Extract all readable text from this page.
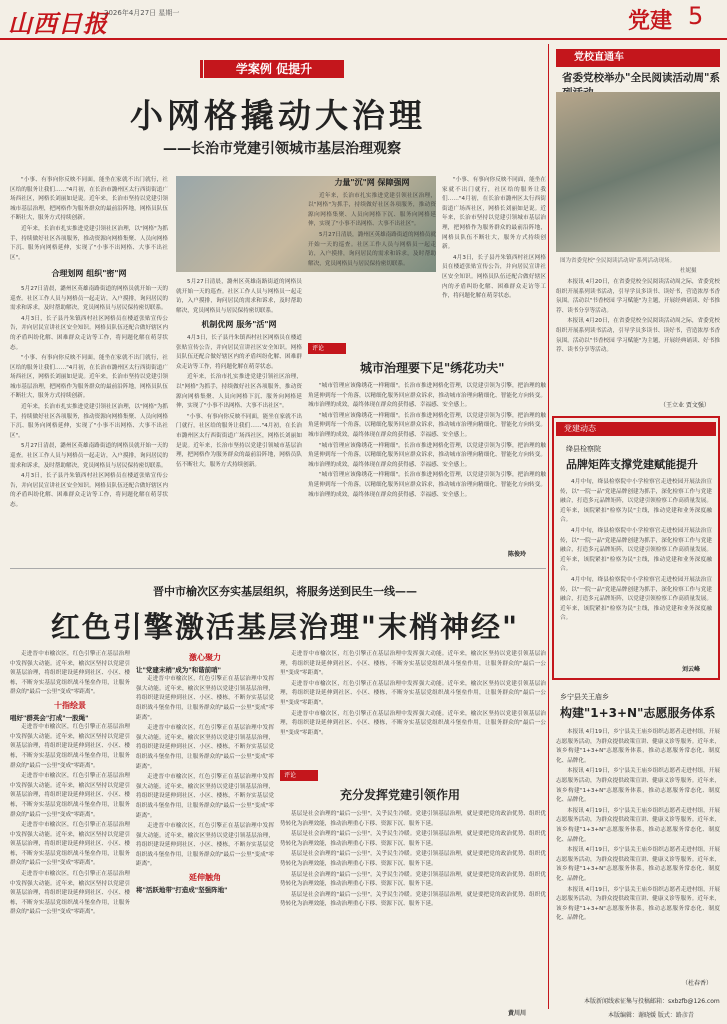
山西日报
2026年4月27日 星期一	党建 5
学案例 促提升
小网格撬动大治理
——长治市党建引领城市基层治理观察

"小事、有事向你反映不同面，能坐在家就不出门就行，社区给的服务让我们……"4月初，在长治市潞州区太行西街街道广场西社区，网格长刘丽如是说。近年来，长治市坚持以党建引领城市基层治理，把网格作为服务群众的最前沿阵地，网格员队伍不断壮大，服务方式持续创新。

近年来，长治市扎实推进党建引领社区治理，以"网格"为抓手，持续做好社区各项服务，推动资源向网格集聚、人员向网格下沉、服务向网格延伸，实现了"小事不出网格、大事不出社区"。

合理划网 组织"密"网

5月27日清晨，潞州区英雄南路街道的网格员就开始一天的巡查。社区工作人员与网格员一起走访，入户摸排，询问居民的需求和诉求，及时帮助解决，党员网格员与居民保持密切联系。

4月3日，长子县丹朱镇西村社区网格员在楼道张贴宣传公告，并向居民宣讲社区安全知识。网格员队伍还配合做好辖区内的矛盾纠纷化解、困难群众走访等工作，将问题化解在萌芽状态。

"小事、有事向你反映不同面，能坐在家就不出门就行，社区给的服务让我们……"4月初，在长治市潞州区太行西街街道广场西社区，网格长刘丽如是说。近年来，长治市坚持以党建引领城市基层治理，把网格作为服务群众的最前沿阵地，网格员队伍不断壮大，服务方式持续创新。

近年来，长治市扎实推进党建引领社区治理，以"网格"为抓手，持续做好社区各项服务，推动资源向网格集聚、人员向网格下沉、服务向网格延伸，实现了"小事不出网格、大事不出社区"。

5月27日清晨，潞州区英雄南路街道的网格员就开始一天的巡查。社区工作人员与网格员一起走访，入户摸排，询问居民的需求和诉求，及时帮助解决，党员网格员与居民保持密切联系。

4月3日，长子县丹朱镇西村社区网格员在楼道张贴宣传公告，并向居民宣讲社区安全知识。网格员队伍还配合做好辖区内的矛盾纠纷化解、困难群众走访等工作，将问题化解在萌芽状态。

5月27日清晨，潞州区英雄南路街道的网格员就开始一天的巡查。社区工作人员与网格员一起走访，入户摸排，询问居民的需求和诉求，及时帮助解决，党员网格员与居民保持密切联系。

机制优网 服务"活"网

4月3日，长子县丹朱镇西村社区网格员在楼道张贴宣传公告，并向居民宣讲社区安全知识。网格员队伍还配合做好辖区内的矛盾纠纷化解、困难群众走访等工作，将问题化解在萌芽状态。

近年来，长治市扎实推进党建引领社区治理，以"网格"为抓手，持续做好社区各项服务，推动资源向网格集聚、人员向网格下沉、服务向网格延伸，实现了"小事不出网格、大事不出社区"。

"小事、有事向你反映不同面，能坐在家就不出门就行，社区给的服务让我们……"4月初，在长治市潞州区太行西街街道广场西社区，网格长刘丽如是说。近年来，长治市坚持以党建引领城市基层治理，把网格作为服务群众的最前沿阵地，网格员队伍不断壮大，服务方式持续创新。

力量"沉"网 保障强网

近年来，长治市扎实推进党建引领社区治理，以"网格"为抓手，持续做好社区各项服务，推动资源向网格集聚、人员向网格下沉、服务向网格延伸，实现了"小事不出网格、大事不出社区"。

5月27日清晨，潞州区英雄南路街道的网格员就开始一天的巡查。社区工作人员与网格员一起走访，入户摸排，询问居民的需求和诉求，及时帮助解决，党员网格员与居民保持密切联系。

"小事、有事向你反映不同面，能坐在家就不出门就行，社区给的服务让我们……"4月初，在长治市潞州区太行西街街道广场西社区，网格长刘丽如是说。近年来，长治市坚持以党建引领城市基层治理，把网格作为服务群众的最前沿阵地，网格员队伍不断壮大，服务方式持续创新。

4月3日，长子县丹朱镇西村社区网格员在楼道张贴宣传公告，并向居民宣讲社区安全知识。网格员队伍还配合做好辖区内的矛盾纠纷化解、困难群众走访等工作，将问题化解在萌芽状态。

评论
城市治理要下足"绣花功夫"

"城市管理应该像绣花一样精细"。长治市推进网格化管理，以党建引领为引擎，把治理的触角延伸到每一个角落，以精细化服务回应群众诉求，推动城市治理向精细化、智能化方向转变。城市治理的成效，最终体现在群众的获得感、幸福感、安全感上。

"城市管理应该像绣花一样精细"。长治市推进网格化管理，以党建引领为引擎，把治理的触角延伸到每一个角落，以精细化服务回应群众诉求，推动城市治理向精细化、智能化方向转变。城市治理的成效，最终体现在群众的获得感、幸福感、安全感上。

"城市管理应该像绣花一样精细"。长治市推进网格化管理，以党建引领为引擎，把治理的触角延伸到每一个角落，以精细化服务回应群众诉求，推动城市治理向精细化、智能化方向转变。城市治理的成效，最终体现在群众的获得感、幸福感、安全感上。

"城市管理应该像绣花一样精细"。长治市推进网格化管理，以党建引领为引擎，把治理的触角延伸到每一个角落，以精细化服务回应群众诉求，推动城市治理向精细化、智能化方向转变。城市治理的成效，最终体现在群众的获得感、幸福感、安全感上。

陈俊玲
晋中市榆次区夯实基层组织，将服务送到民生一线——
红色引擎激活基层治理"末梢神经"

走进晋中市榆次区，红色引擎正在基层治理中发挥强大动能。近年来，榆次区坚持以党建引领基层治理，将组织建设延伸到社区、小区、楼栋，不断夯实基层党组织战斗堡垒作用，让服务群众的"最后一公里"变成"零距离"。

十指绘景
唱好"群英会"打成"一股绳"

走进晋中市榆次区，红色引擎正在基层治理中发挥强大动能。近年来，榆次区坚持以党建引领基层治理，将组织建设延伸到社区、小区、楼栋，不断夯实基层党组织战斗堡垒作用，让服务群众的"最后一公里"变成"零距离"。

走进晋中市榆次区，红色引擎正在基层治理中发挥强大动能。近年来，榆次区坚持以党建引领基层治理，将组织建设延伸到社区、小区、楼栋，不断夯实基层党组织战斗堡垒作用，让服务群众的"最后一公里"变成"零距离"。

走进晋中市榆次区，红色引擎正在基层治理中发挥强大动能。近年来，榆次区坚持以党建引领基层治理，将组织建设延伸到社区、小区、楼栋，不断夯实基层党组织战斗堡垒作用，让服务群众的"最后一公里"变成"零距离"。

走进晋中市榆次区，红色引擎正在基层治理中发挥强大动能。近年来，榆次区坚持以党建引领基层治理，将组织建设延伸到社区、小区、楼栋，不断夯实基层党组织战斗堡垒作用，让服务群众的"最后一公里"变成"零距离"。

激心聚力
让"党建末梢"成为"和谐前哨"

走进晋中市榆次区，红色引擎正在基层治理中发挥强大动能。近年来，榆次区坚持以党建引领基层治理，将组织建设延伸到社区、小区、楼栋，不断夯实基层党组织战斗堡垒作用，让服务群众的"最后一公里"变成"零距离"。

走进晋中市榆次区，红色引擎正在基层治理中发挥强大动能。近年来，榆次区坚持以党建引领基层治理，将组织建设延伸到社区、小区、楼栋，不断夯实基层党组织战斗堡垒作用，让服务群众的"最后一公里"变成"零距离"。

走进晋中市榆次区，红色引擎正在基层治理中发挥强大动能。近年来，榆次区坚持以党建引领基层治理，将组织建设延伸到社区、小区、楼栋，不断夯实基层党组织战斗堡垒作用，让服务群众的"最后一公里"变成"零距离"。

走进晋中市榆次区，红色引擎正在基层治理中发挥强大动能。近年来，榆次区坚持以党建引领基层治理，将组织建设延伸到社区、小区、楼栋，不断夯实基层党组织战斗堡垒作用，让服务群众的"最后一公里"变成"零距离"。

延伸触角
将"活跃地带"打造成"坚强阵地"

走进晋中市榆次区，红色引擎正在基层治理中发挥强大动能。近年来，榆次区坚持以党建引领基层治理，将组织建设延伸到社区、小区、楼栋，不断夯实基层党组织战斗堡垒作用，让服务群众的"最后一公里"变成"零距离"。

走进晋中市榆次区，红色引擎正在基层治理中发挥强大动能。近年来，榆次区坚持以党建引领基层治理，将组织建设延伸到社区、小区、楼栋，不断夯实基层党组织战斗堡垒作用，让服务群众的"最后一公里"变成"零距离"。

走进晋中市榆次区，红色引擎正在基层治理中发挥强大动能。近年来，榆次区坚持以党建引领基层治理，将组织建设延伸到社区、小区、楼栋，不断夯实基层党组织战斗堡垒作用，让服务群众的"最后一公里"变成"零距离"。

评论
充分发挥党建引领作用

基层是社会治理的"最后一公里"，关乎民生冷暖。党建引领基层治理，就是要把党的政治优势、组织优势转化为治理效能，推动治理重心下移、资源下沉、服务下延。

基层是社会治理的"最后一公里"，关乎民生冷暖。党建引领基层治理，就是要把党的政治优势、组织优势转化为治理效能，推动治理重心下移、资源下沉、服务下延。

基层是社会治理的"最后一公里"，关乎民生冷暖。党建引领基层治理，就是要把党的政治优势、组织优势转化为治理效能，推动治理重心下移、资源下沉、服务下延。

基层是社会治理的"最后一公里"，关乎民生冷暖。党建引领基层治理，就是要把党的政治优势、组织优势转化为治理效能，推动治理重心下移、资源下沉、服务下延。

基层是社会治理的"最后一公里"，关乎民生冷暖。党建引领基层治理，就是要把党的政治优势、组织优势转化为治理效能，推动治理重心下移、资源下沉、服务下延。

黄川川
党校直通车
省委党校举办"全民阅读活动周"系
图为省委党校"全民阅读活动周"系列活动现场。
杜妮摄

本报讯 4月20日，在省委党校全民阅读活动周之际，省委党校组织开展系列读书活动，引导学员多读书、读好书，营造浓厚书香氛围。活动以"书香校园 学习赋能"为主题，开展经典诵读、好书推荐、读书分享等活动。

本报讯 4月20日，在省委党校全民阅读活动周之际，省委党校组织开展系列读书活动，引导学员多读书、读好书，营造浓厚书香氛围。活动以"书香校园 学习赋能"为主题，开展经典诵读、好书推荐、读书分享等活动。

（王立业 贾文强）
党建动态
绛县检察院
品牌矩阵支撑党建赋能提升

4月中旬，绛县检察院中小学检察官走进校园开展法治宣传，以"一院一品"党建品牌创建为抓手，深化检察工作与党建融合，打造多元品牌矩阵，以党建引领检察工作高质量发展。近年来，该院紧扣"检察为民"主线，推动党建和业务深度融合。

4月中旬，绛县检察院中小学检察官走进校园开展法治宣传，以"一院一品"党建品牌创建为抓手，深化检察工作与党建融合，打造多元品牌矩阵，以党建引领检察工作高质量发展。近年来，该院紧扣"检察为民"主线，推动党建和业务深度融合。

4月中旬，绛县检察院中小学检察官走进校园开展法治宣传，以"一院一品"党建品牌创建为抓手，深化检察工作与党建融合，打造多元品牌矩阵，以党建引领检察工作高质量发展。近年来，该院紧扣"检察为民"主线，推动党建和业务深度融合。

刘云峰
乡宁县关王庙乡
构建"1+3+N"志愿服务体系

本报讯 4月19日，乡宁县关王庙乡组织志愿者走进村组，开展志愿服务活动，为群众提供政策宣讲、健康义诊等服务。近年来，该乡构建"1+3+N"志愿服务体系，推动志愿服务常态化、制度化、品牌化。

本报讯 4月19日，乡宁县关王庙乡组织志愿者走进村组，开展志愿服务活动，为群众提供政策宣讲、健康义诊等服务。近年来，该乡构建"1+3+N"志愿服务体系，推动志愿服务常态化、制度化、品牌化。

本报讯 4月19日，乡宁县关王庙乡组织志愿者走进村组，开展志愿服务活动，为群众提供政策宣讲、健康义诊等服务。近年来，该乡构建"1+3+N"志愿服务体系，推动志愿服务常态化、制度化、品牌化。

本报讯 4月19日，乡宁县关王庙乡组织志愿者走进村组，开展志愿服务活动，为群众提供政策宣讲、健康义诊等服务。近年来，该乡构建"1+3+N"志愿服务体系，推动志愿服务常态化、制度化、品牌化。

本报讯 4月19日，乡宁县关王庙乡组织志愿者走进村组，开展志愿服务活动，为群众提供政策宣讲、健康义诊等服务。近年来，该乡构建"1+3+N"志愿服务体系，推动志愿服务常态化、制度化、品牌化。

（杜春香）
本版新闻线索征集与投稿邮箱：sxbzfb@126.com
本版编辑：谢晓媛 版式：路彦青
